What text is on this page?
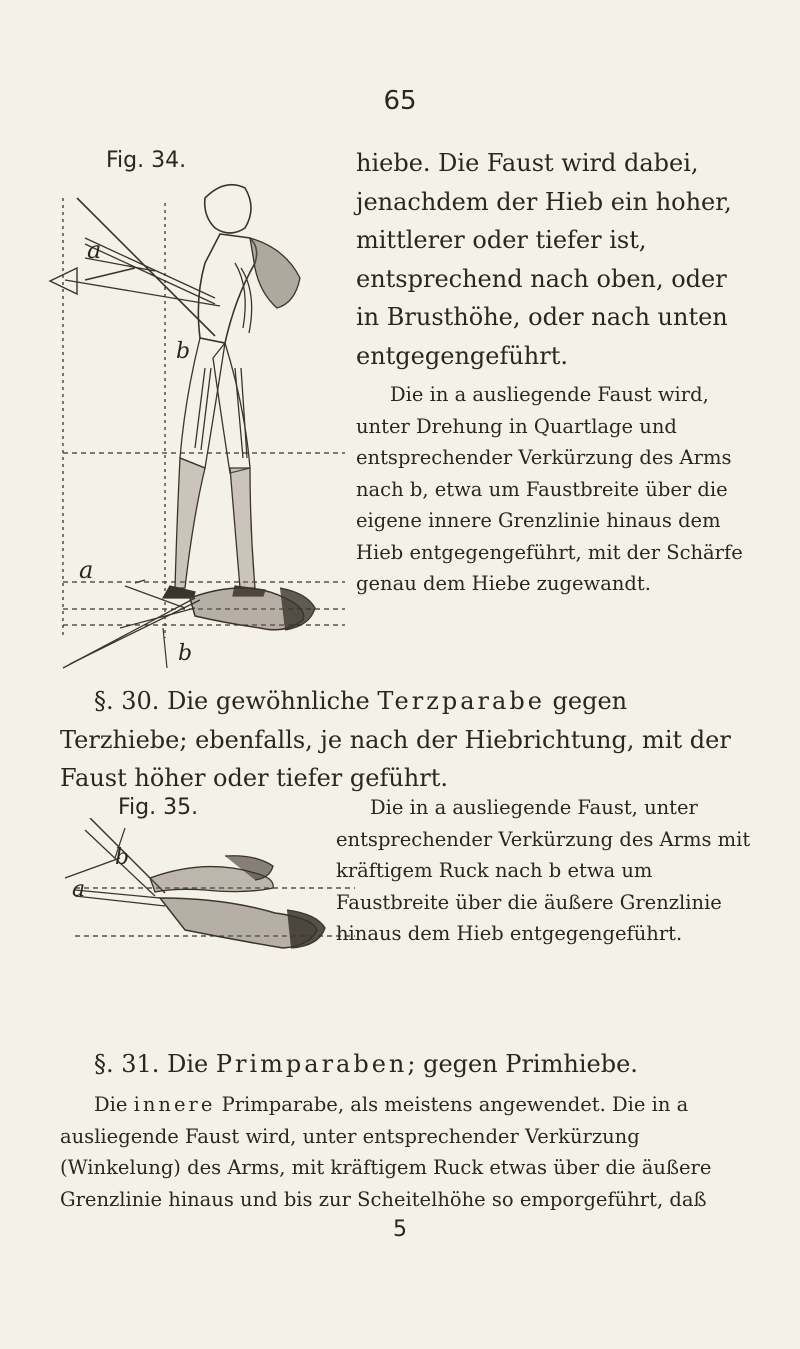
65
Fig. 34.
a
b
a
b

hiebe. Die Faust wird dabei, jenachdem der Hieb ein hoher, mittlerer oder tiefer ist, entsprechend nach oben, oder in Brusthöhe, oder nach unten entgegengeführt.

Die in a ausliegende Faust wird, unter Drehung in Quartlage und entsprechender Verkürzung des Arms nach b, etwa um Faustbreite über die eigene innere Grenzlinie hinaus dem Hieb entgegengeführt, mit der Schärfe genau dem Hiebe zugewandt.

§. 30. Die gewöhnliche Terzparabe gegen Terzhiebe; ebenfalls, je nach der Hiebrichtung, mit der Faust höher oder tiefer geführt.

Fig. 35.
b
a

Die in a ausliegende Faust, unter entsprechender Verkürzung des Arms mit kräftigem Ruck nach b etwa um Faustbreite über die äußere Grenzlinie hinaus dem Hieb entgegengeführt.

§. 31. Die Primparaben; gegen Primhiebe.

Die innere Primparabe, als meistens angewendet. Die in a ausliegende Faust wird, unter entsprechender Verkürzung (Winkelung) des Arms, mit kräftigem Ruck etwas über die äußere Grenzlinie hinaus und bis zur Scheitelhöhe so emporgeführt, daß

5
